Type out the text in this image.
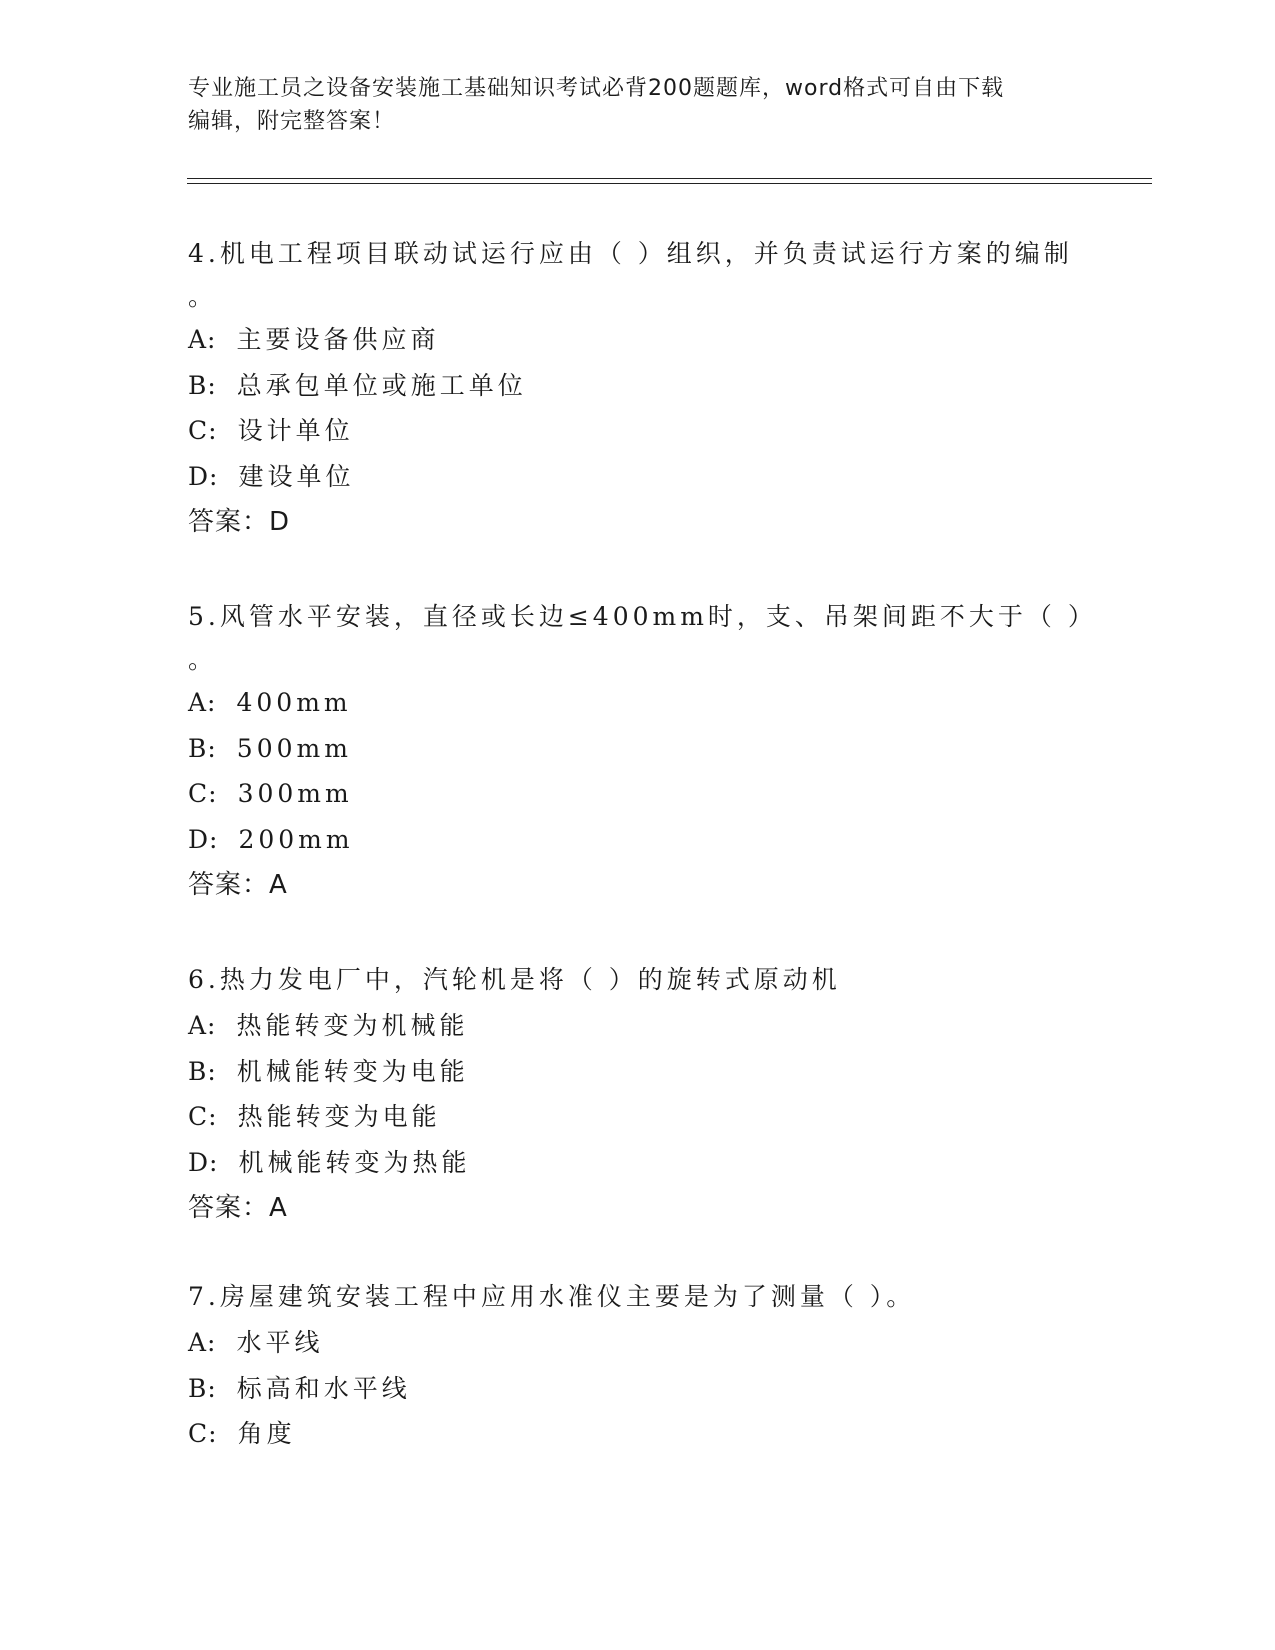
专业施工员之设备安装施工基础知识考试必背200题题库，word格式可自由下载
编辑，附完整答案！
4.机电工程项目联动试运行应由（ ）组织，并负责试运行方案的编制
。
A: 主要设备供应商
B: 总承包单位或施工单位
C: 设计单位
D: 建设单位
答案：D
5.风管水平安装，直径或长边≤400mm时，支、吊架间距不大于（ ）
。
A: 400mm
B: 500mm
C: 300mm
D: 200mm
答案：A
6.热力发电厂中，汽轮机是将（ ）的旋转式原动机
A: 热能转变为机械能
B: 机械能转变为电能
C: 热能转变为电能
D: 机械能转变为热能
答案：A
7.房屋建筑安装工程中应用水准仪主要是为了测量（ ）。
A: 水平线
B: 标高和水平线
C: 角度
